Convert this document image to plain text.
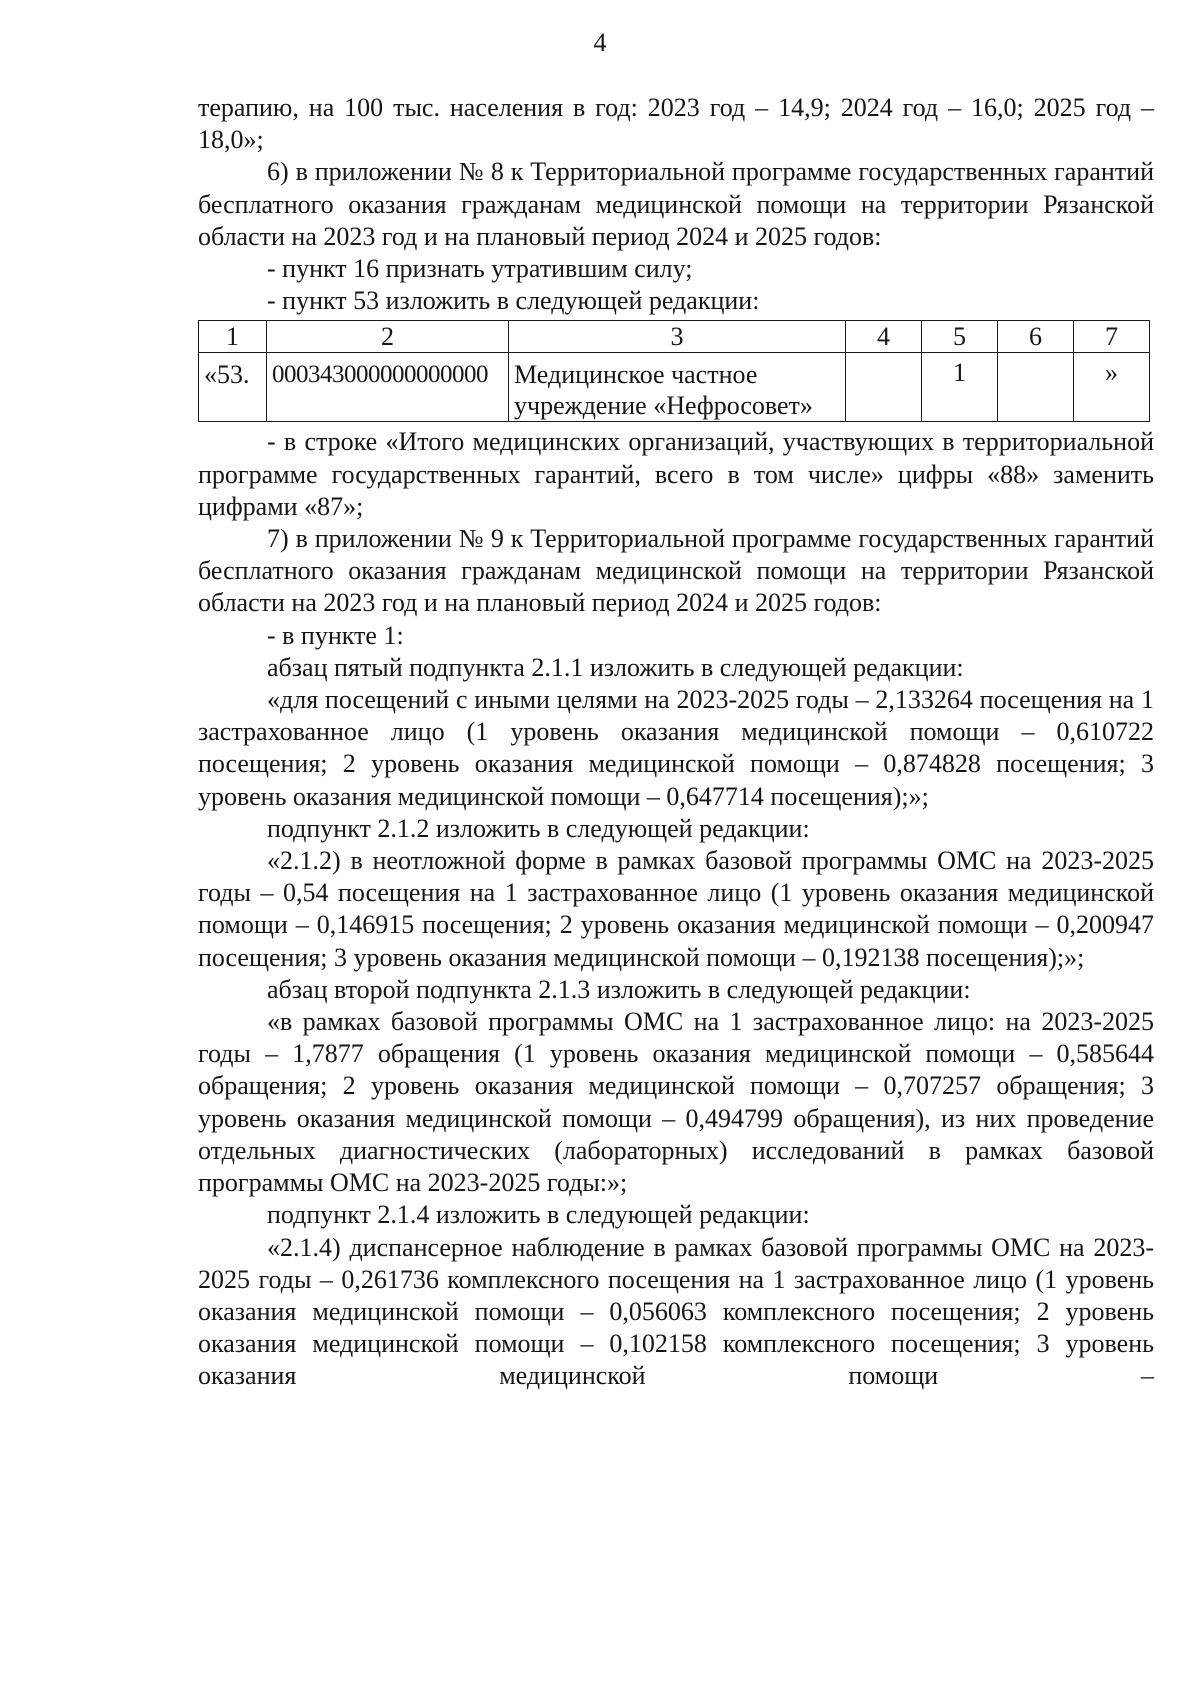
4

терапию, на 100 тыс. населения в год: 2023 год – 14,9; 2024 год – 16,0; 2025 год – 18,0»;

6) в приложении № 8 к Территориальной программе государственных гарантий бесплатного оказания гражданам медицинской помощи на территории Рязанской области на 2023 год и на плановый период 2024 и 2025 годов:

- пункт 16 признать утратившим силу;

- пункт 53 изложить в следующей редакции:

1	2	3	4	5	6	7
«53.	000343000000000000	Медицинское частное
учреждение «Нефросовет»		1		»

- в строке «Итого медицинских организаций, участвующих в территориальной программе государственных гарантий, всего в том числе» цифры «88» заменить цифрами «87»;

7) в приложении № 9 к Территориальной программе государственных гарантий бесплатного оказания гражданам медицинской помощи на территории Рязанской области на 2023 год и на плановый период 2024 и 2025 годов:

- в пункте 1:

абзац пятый подпункта 2.1.1 изложить в следующей редакции:

«для посещений с иными целями на 2023-2025 годы – 2,133264 посещения на 1 застрахованное лицо (1 уровень оказания медицинской помощи – 0,610722 посещения; 2 уровень оказания медицинской помощи – 0,874828 посещения; 3 уровень оказания медицинской помощи – 0,647714 посещения);»;

подпункт 2.1.2 изложить в следующей редакции:

«2.1.2) в неотложной форме в рамках базовой программы ОМС на 2023-2025 годы – 0,54 посещения на 1 застрахованное лицо (1 уровень оказания медицинской помощи – 0,146915 посещения; 2 уровень оказания медицинской помощи – 0,200947 посещения; 3 уровень оказания медицинской помощи – 0,192138 посещения);»;

абзац второй подпункта 2.1.3 изложить в следующей редакции:

«в рамках базовой программы ОМС на 1 застрахованное лицо: на 2023-2025 годы – 1,7877 обращения (1 уровень оказания медицинской помощи – 0,585644 обращения; 2 уровень оказания медицинской помощи – 0,707257 обращения; 3 уровень оказания медицинской помощи – 0,494799 обращения), из них проведение отдельных диагностических (лабораторных) исследований в рамках базовой программы ОМС на 2023-2025 годы:»;

подпункт 2.1.4 изложить в следующей редакции:

«2.1.4) диспансерное наблюдение в рамках базовой программы ОМС на 2023-2025 годы – 0,261736 комплексного посещения на 1 застрахованное лицо (1 уровень оказания медицинской помощи – 0,056063 комплексного посещения; 2 уровень оказания медицинской помощи – 0,102158 комплексного посещения; 3 уровень оказания медицинской помощи –
